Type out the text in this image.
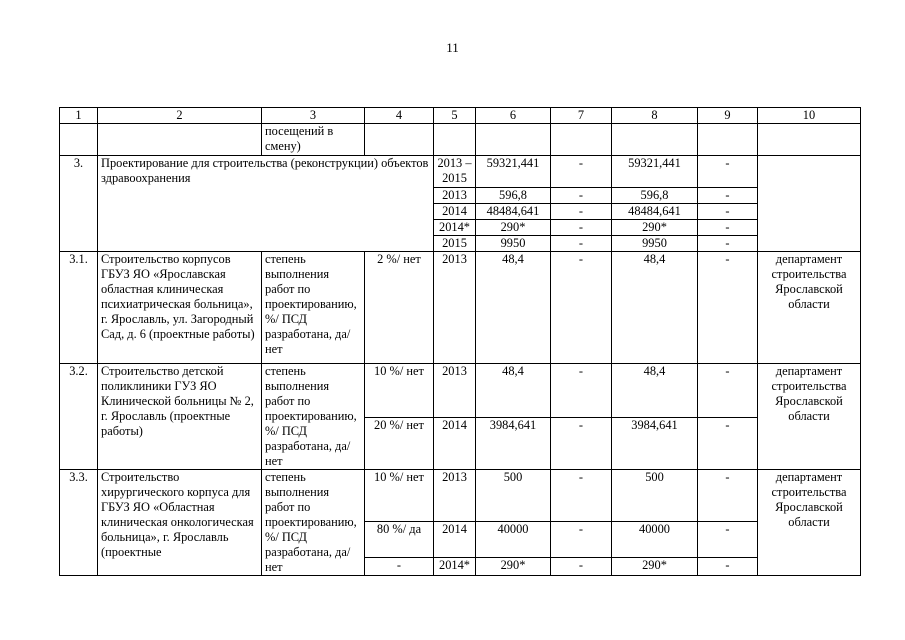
11
1	2	3	4	5	6	7	8	9	10
		посещений в смену)							
3.	Проектирование для строительства (реконструкции) объектов здравоохранения			2013 – 2015	59321,441	-	59321,441	-	
				2013	596,8	-	596,8	-	
				2014	48484,641	-	48484,641	-	
				2014*	290*	-	290*	-	
				2015	9950	-	9950	-	
3.1.	Строительство корпусов ГБУЗ ЯО «Ярославская областная клиническая психиатрическая больница», г. Ярославль, ул. Загородный Сад, д. 6 (проектные работы)	степень выполнения работ по проектированию, %/ ПСД разработана, да/нет	2 %/ нет	2013	48,4	-	48,4	-	департамент строительства Ярославской области
3.2.	Строительство детской поликлиники ГУЗ ЯО Клинической больницы № 2, г. Ярославль (проектные работы)	степень выполнения работ по проектированию, %/ ПСД разработана, да/нет	10 %/ нет	2013	48,4	-	48,4	-	департамент строительства Ярославской области
			20 %/ нет	2014	3984,641	-	3984,641	-	
3.3.	Строительство хирургического корпуса для ГБУЗ ЯО «Областная клиническая онкологическая больница», г. Ярославль (проектные	степень выполнения работ по проектированию, %/ ПСД разработана, да/нет	10 %/ нет	2013	500	-	500	-	департамент строительства Ярославской области
			80 %/ да	2014	40000	-	40000	-	
			-	2014*	290*	-	290*	-	
